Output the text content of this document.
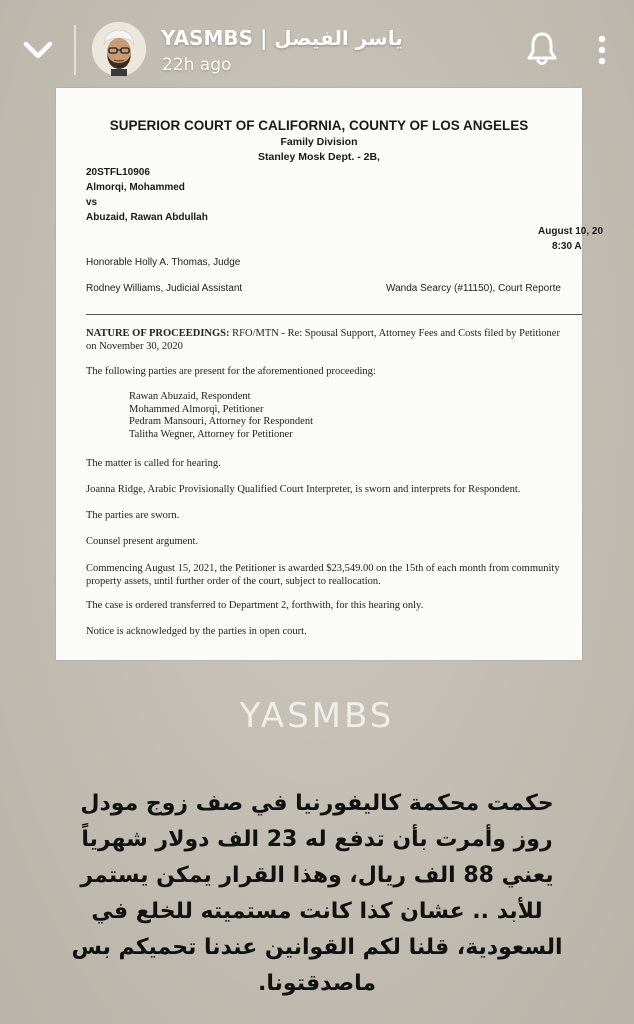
YASMBS | ياسر الفيصل
22h ago
SUPERIOR COURT OF CALIFORNIA, COUNTY OF LOS ANGELES
Family Division
Stanley Mosk Dept. - 2B,
20STFL10906
Almorqi, Mohammed
vs
Abuzaid, Rawan Abdullah
August 10, 20
8:30 A
Honorable Holly A. Thomas, Judge
Rodney Williams, Judicial Assistant	Wanda Searcy (#11150), Court Reporte
NATURE OF PROCEEDINGS: RFO/MTN - Re: Spousal Support, Attorney Fees and Costs filed by Petitioner on November 30, 2020
The following parties are present for the aforementioned proceeding:
Rawan Abuzaid, Respondent
Mohammed Almorqi, Petitioner
Pedram Mansouri, Attorney for Respondent
Talitha Wegner, Attorney for Petitioner
The matter is called for hearing.
Joanna Ridge, Arabic Provisionally Qualified Court Interpreter, is sworn and interprets for Respondent.
The parties are sworn.
Counsel present argument.
Commencing August 15, 2021, the Petitioner is awarded $23,549.00 on the 15th of each month from community property assets, until further order of the court, subject to reallocation.
The case is ordered transferred to Department 2, forthwith, for this hearing only.
Notice is acknowledged by the parties in open court.
YASMBS
حكمت محكمة كاليفورنيا في صف زوج مودل روز وأمرت بأن تدفع له 23 الف دولار شهرياً يعني 88 الف ريال، وهذا القرار يمكن يستمر للأبد .. عشان كذا كانت مستميته للخلع في السعودية، قلنا لكم القوانين عندنا تحميكم بس ماصدقتونا.
